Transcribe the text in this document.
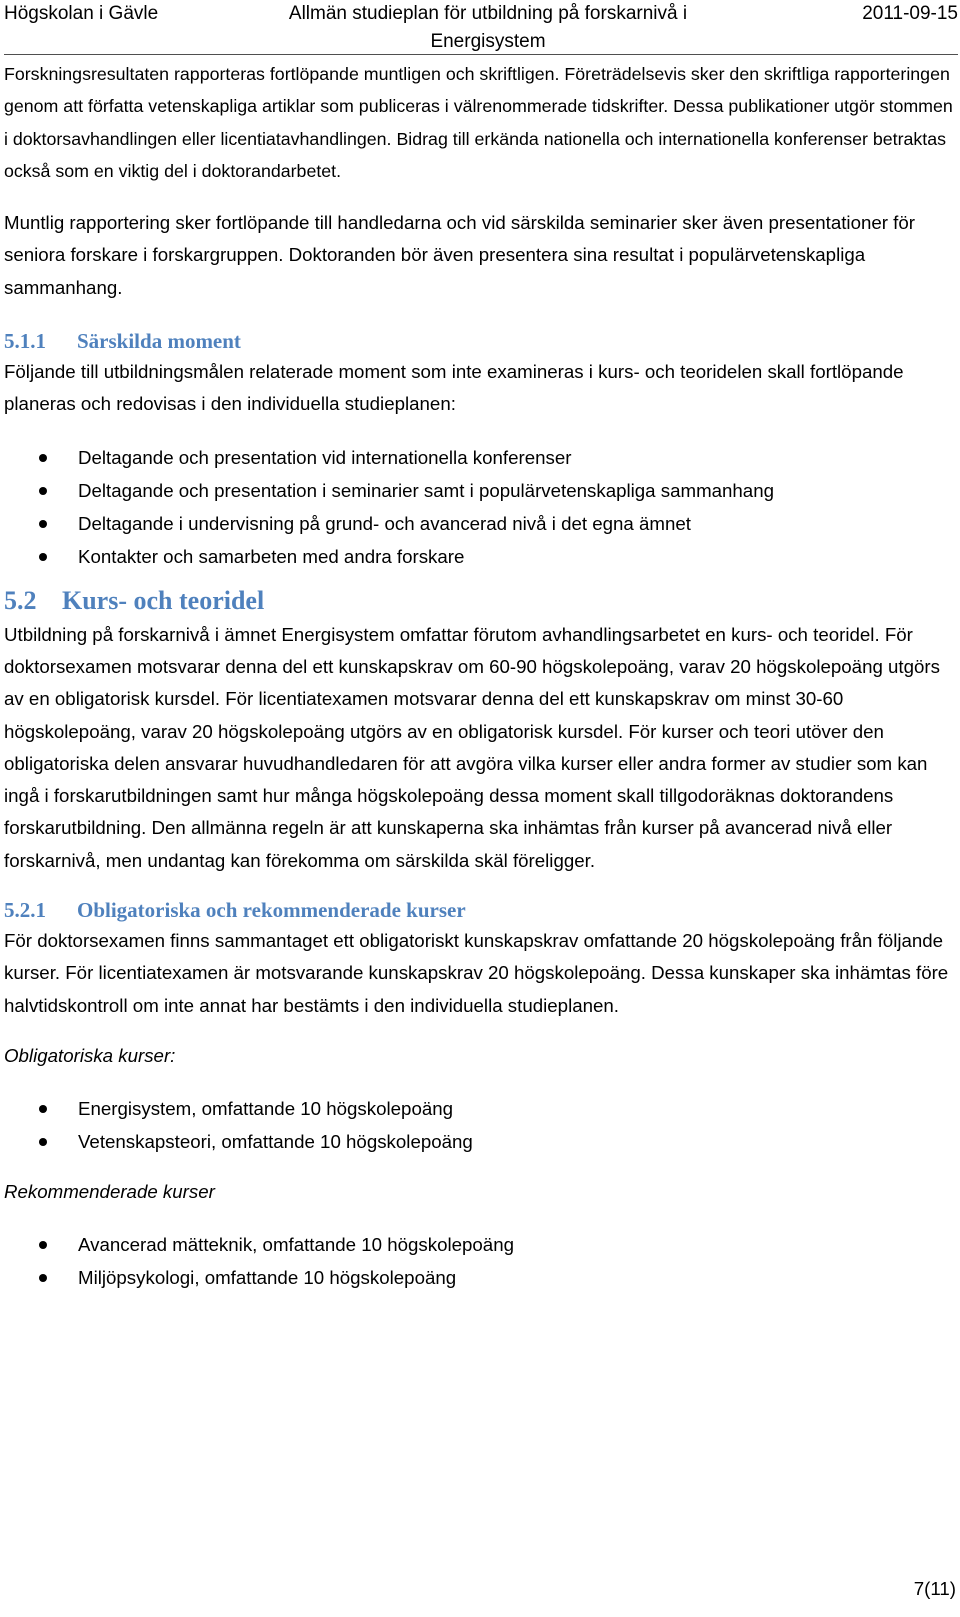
Högskolan i Gävle	Allmän studieplan för utbildning på forskarnivå i Energisystem
2011-09-15

Forskningsresultaten rapporteras fortlöpande muntligen och skriftligen. Företrädelsevis sker den skriftliga rapporteringen genom att författa vetenskapliga artiklar som publiceras i välrenommerade tidskrifter. Dessa publikationer utgör stommen i doktorsavhandlingen eller licentiatavhandlingen. Bidrag till erkända nationella och internationella konferenser betraktas också som en viktig del i doktorandarbetet.

Muntlig rapportering sker fortlöpande till handledarna och vid särskilda seminarier sker även presentationer för seniora forskare i forskargruppen. Doktoranden bör även presentera sina resultat i populärvetenskapliga sammanhang.

5.1.1 Särskilda moment

Följande till utbildningsmålen relaterade moment som inte examineras i kurs- och teoridelen skall fortlöpande planeras och redovisas i den individuella studieplanen:

Deltagande och presentation vid internationella konferenser
Deltagande och presentation i seminarier samt i populärvetenskapliga sammanhang
Deltagande i undervisning på grund- och avancerad nivå i det egna ämnet
Kontakter och samarbeten med andra forskare
5.2 Kurs- och teoridel

Utbildning på forskarnivå i ämnet Energisystem omfattar förutom avhandlingsarbetet en kurs- och teoridel. För doktorsexamen motsvarar denna del ett kunskapskrav om 60-90 högskolepoäng, varav 20 högskolepoäng utgörs av en obligatorisk kursdel. För licentiatexamen motsvarar denna del ett kunskapskrav om minst 30-60 högskolepoäng, varav 20 högskolepoäng utgörs av en obligatorisk kursdel. För kurser och teori utöver den obligatoriska delen ansvarar huvudhandledaren för att avgöra vilka kurser eller andra former av studier som kan ingå i forskarutbildningen samt hur många högskolepoäng dessa moment skall tillgodoräknas doktorandens forskarutbildning. Den allmänna regeln är att kunskaperna ska inhämtas från kurser på avancerad nivå eller forskarnivå, men undantag kan förekomma om särskilda skäl föreligger.

5.2.1 Obligatoriska och rekommenderade kurser

För doktorsexamen finns sammantaget ett obligatoriskt kunskapskrav omfattande 20 högskolepoäng från följande kurser. För licentiatexamen är motsvarande kunskapskrav 20 högskolepoäng. Dessa kunskaper ska inhämtas före halvtidskontroll om inte annat har bestämts i den individuella studieplanen.

Obligatoriska kurser:

Energisystem, omfattande 10 högskolepoäng
Vetenskapsteori, omfattande 10 högskolepoäng

Rekommenderade kurser

Avancerad mätteknik, omfattande 10 högskolepoäng
Miljöpsykologi, omfattande 10 högskolepoäng
7(11)
